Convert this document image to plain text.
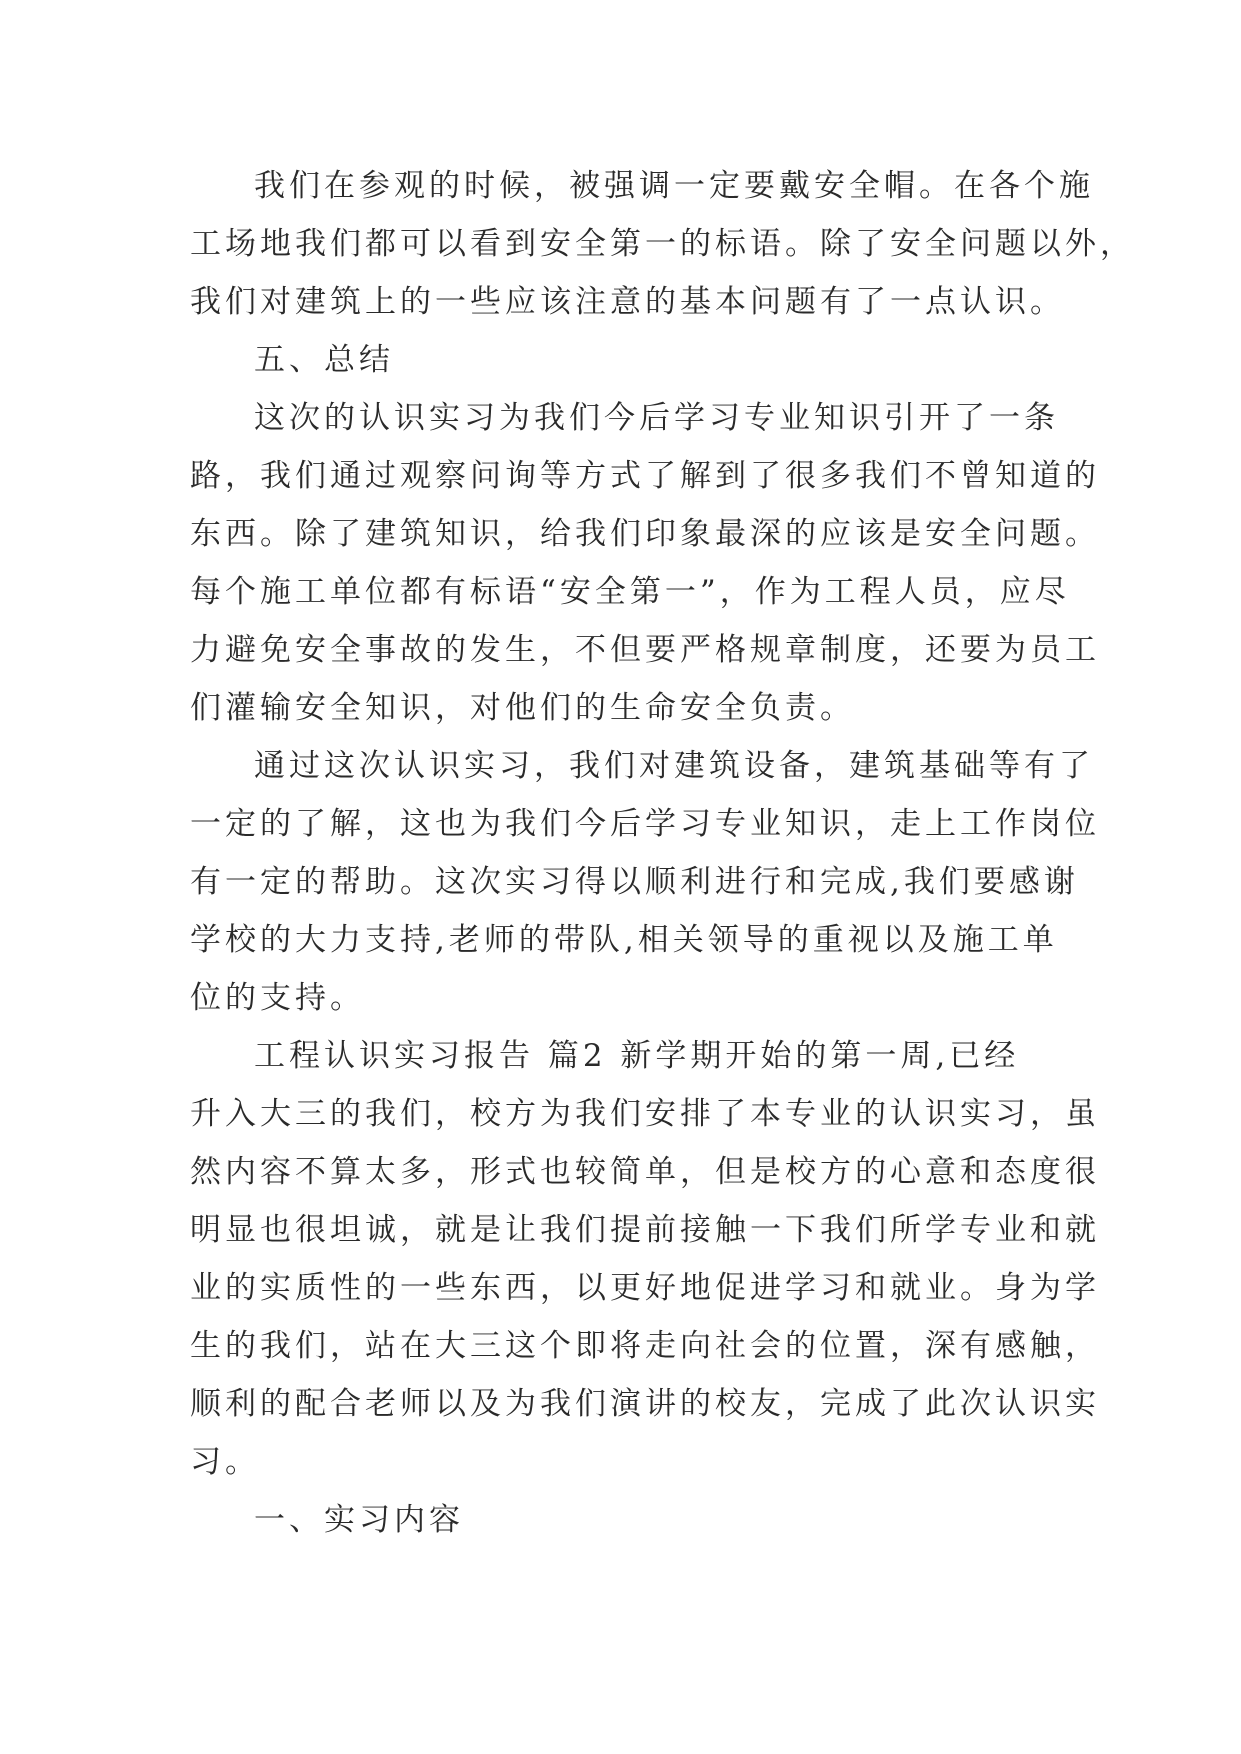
我们在参观的时候，被强调一定要戴安全帽。在各个施
工场地我们都可以看到安全第一的标语。除了安全问题以外，
我们对建筑上的一些应该注意的基本问题有了一点认识。
五、总结
这次的认识实习为我们今后学习专业知识引开了一条
路，我们通过观察问询等方式了解到了很多我们不曾知道的
东西。除了建筑知识，给我们印象最深的应该是安全问题。
每个施工单位都有标语“安全第一”，作为工程人员，应尽
力避免安全事故的发生，不但要严格规章制度，还要为员工
们灌输安全知识，对他们的生命安全负责。
通过这次认识实习，我们对建筑设备，建筑基础等有了
一定的了解，这也为我们今后学习专业知识，走上工作岗位
有一定的帮助。这次实习得以顺利进行和完成,我们要感谢
学校的大力支持,老师的带队,相关领导的重视以及施工单
位的支持。
工程认识实习报告 篇2 新学期开始的第一周,已经
升入大三的我们，校方为我们安排了本专业的认识实习，虽
然内容不算太多，形式也较简单，但是校方的心意和态度很
明显也很坦诚，就是让我们提前接触一下我们所学专业和就
业的实质性的一些东西，以更好地促进学习和就业。身为学
生的我们，站在大三这个即将走向社会的位置，深有感触，
顺利的配合老师以及为我们演讲的校友，完成了此次认识实
习。
一、实习内容
